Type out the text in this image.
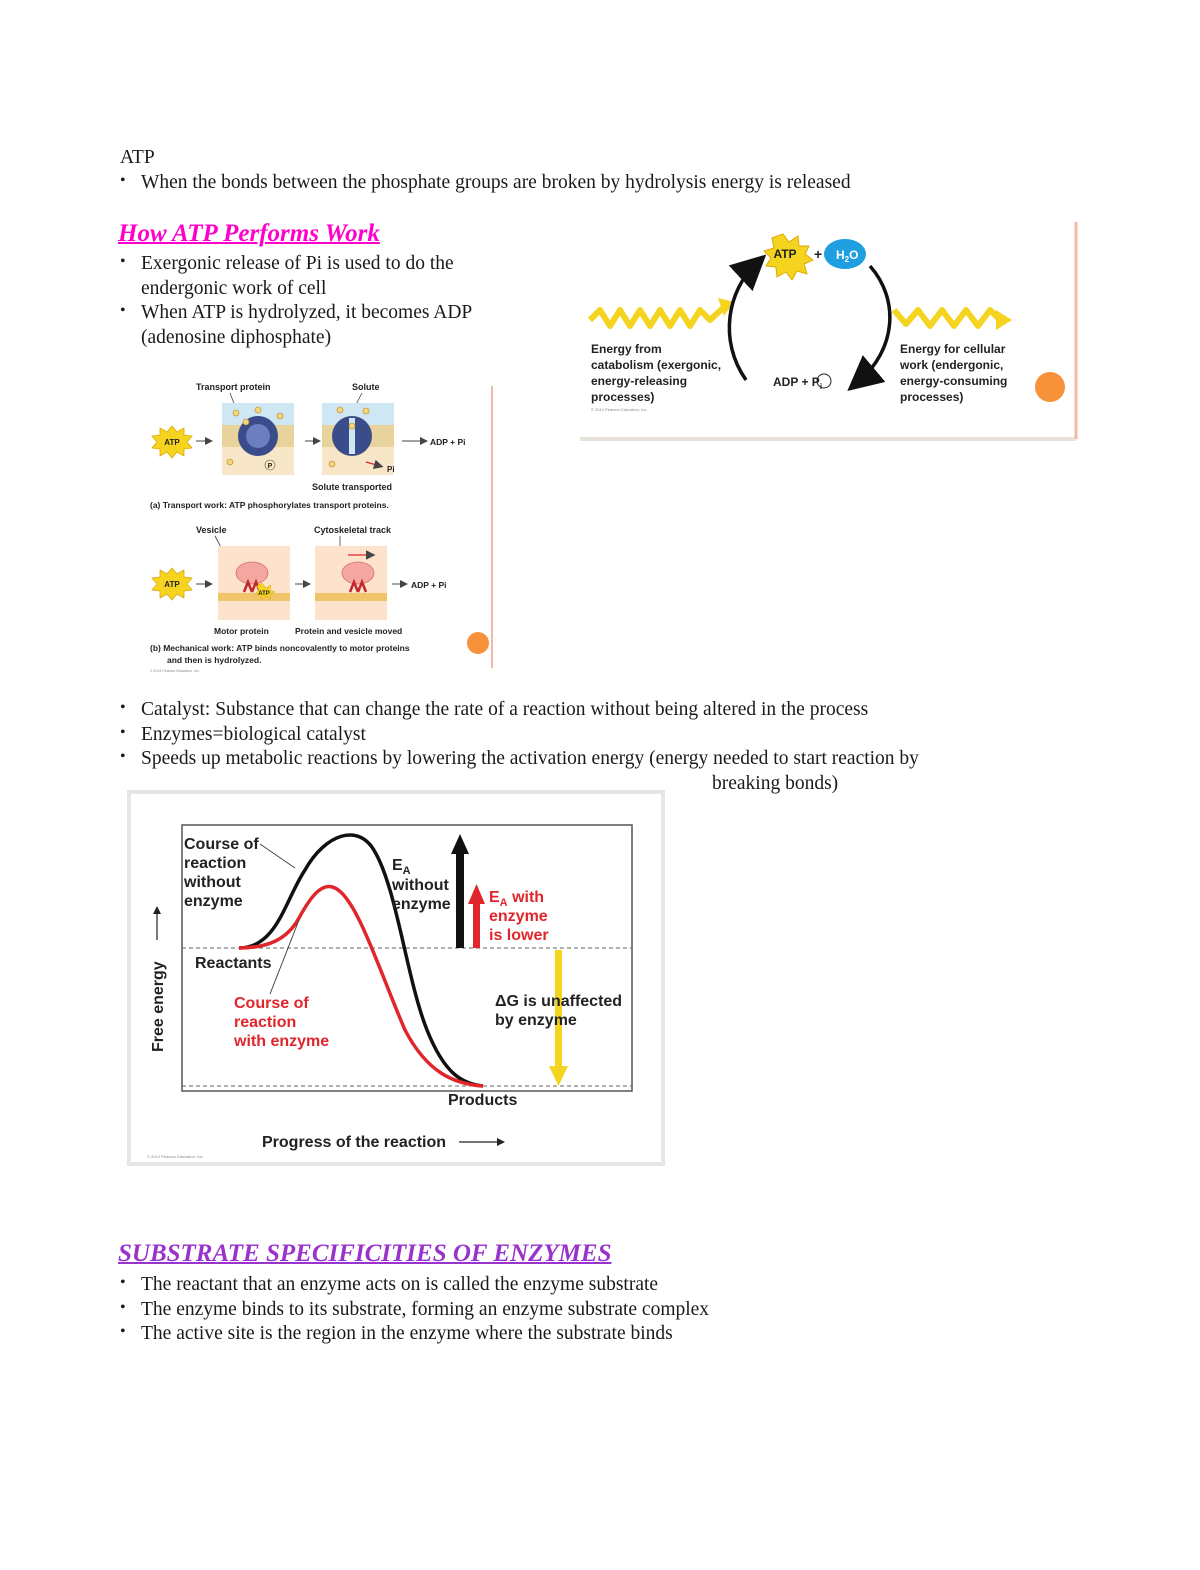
ATP
• When the bonds between the phosphate groups are broken by hydrolysis energy is released
How ATP Performs Work
• Exergonic release of Pi is used to do the
endergonic work of cell
• When ATP is hydrolyzed, it becomes ADP
(adenosine diphosphate)
ATP + $H_2O$
ADP + $P_i$
Energy from
catabolism (exergonic,
energy-releasing
processes)
© 2014 Pearson Education, Inc.
Energy for cellular
work (endergonic,
energy-consuming
processes)
Transport protein	Solute
ATP
P	Pi
ADP + Pi
Solute transported
(a) Transport work: ATP phosphorylates transport proteins.
Vesicle	Cytoskeletal track
ATP
ATP
ADP + Pi
Motor protein	Protein and vesicle moved
(b) Mechanical work: ATP binds noncovalently to motor proteins
and then is hydrolyzed.
© 2014 Pearson Education, Inc.
• Catalyst: Substance that can change the rate of a reaction without being altered in the process
• Enzymes=biological catalyst
• Speeds up metabolic reactions by lowering the activation energy (energy needed to start reaction by
breaking bonds)
Course of
reaction
without
enzyme
Reactants
Course of
reaction
with enzyme
$E_A$
without
enzyme $E_A$ with
enzyme
is lower
ΔG is unaffected
by enzyme
Products
Free energy
Progress of the reaction
© 2014 Pearson Education, Inc.
SUBSTRATE SPECIFICITIES OF ENZYMES
• The reactant that an enzyme acts on is called the enzyme substrate
• The enzyme binds to its substrate, forming an enzyme substrate complex
• The active site is the region in the enzyme where the substrate binds
